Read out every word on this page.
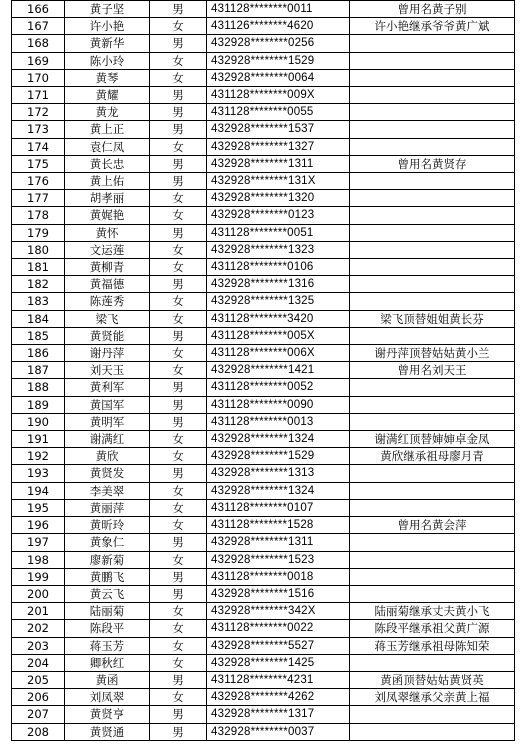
166	黄子坚	男	431128********0011	曾用名黄子别
167	许小艳	女	431126********4620	许小艳继承爷爷黄广斌
168	黄新华	男	432928********0256	
169	陈小玲	女	432928********1529	
170	黄琴	女	432928********0064	
171	黄耀	男	431128********009X	
172	黄龙	男	431128********0055	
173	黄上正	男	432928********1537	
174	袁仁凤	女	432928********1327	
175	黄长忠	男	432928********1311	曾用名黄贤存
176	黄上佑	男	432928********131X	
177	胡孝丽	女	432928********1320	
178	黄娓艳	女	432928********0123	
179	黄怀	男	431128********0051	
180	文运莲	女	432928********1323	
181	黄柳青	女	431128********0106	
182	黄福德	男	432928********1316	
183	陈莲秀	女	432928********1325	
184	梁飞	女	431128********3420	梁飞顶替姐姐黄长芬
185	黄贤能	男	431128********005X	
186	谢丹萍	女	431128********006X	谢丹萍顶替姑姑黄小兰
187	刘天玉	女	432928********1421	曾用名刘天王
188	黄利军	男	431128********0052	
189	黄国军	男	431128********0090	
190	黄明军	男	431128********0013	
191	谢满红	女	432928********1324	谢满红顶替婶婶卓金凤
192	黄欣	女	432928********1529	黄欣继承祖母廖月青
193	黄贤发	男	432928********1313	
194	李美翠	女	432928********1324	
195	黄丽萍	女	431128********0107	
196	黄昕玲	女	431128********1528	曾用名黄会萍
197	黄象仁	男	432928********1311	
198	廖新菊	女	432928********1523	
199	黄鹏飞	男	431128********0018	
200	黄云飞	男	432928********1516	
201	陆丽菊	女	432928********342X	陆丽菊继承丈夫黄小飞
202	陈段平	女	431128********0022	陈段平继承祖父黄广源
203	蒋玉芳	女	432928********5527	蒋玉芳继承祖母陈知荣
204	卿秋红	女	432928********1425	
205	黄函	男	431128********4231	黄函顶替姑姑黄贤英
206	刘凤翠	女	432928********4262	刘凤翠继承父亲黄上福
207	黄贤亨	男	432928********1317	
208	黄贤通	男	432928********0037	
